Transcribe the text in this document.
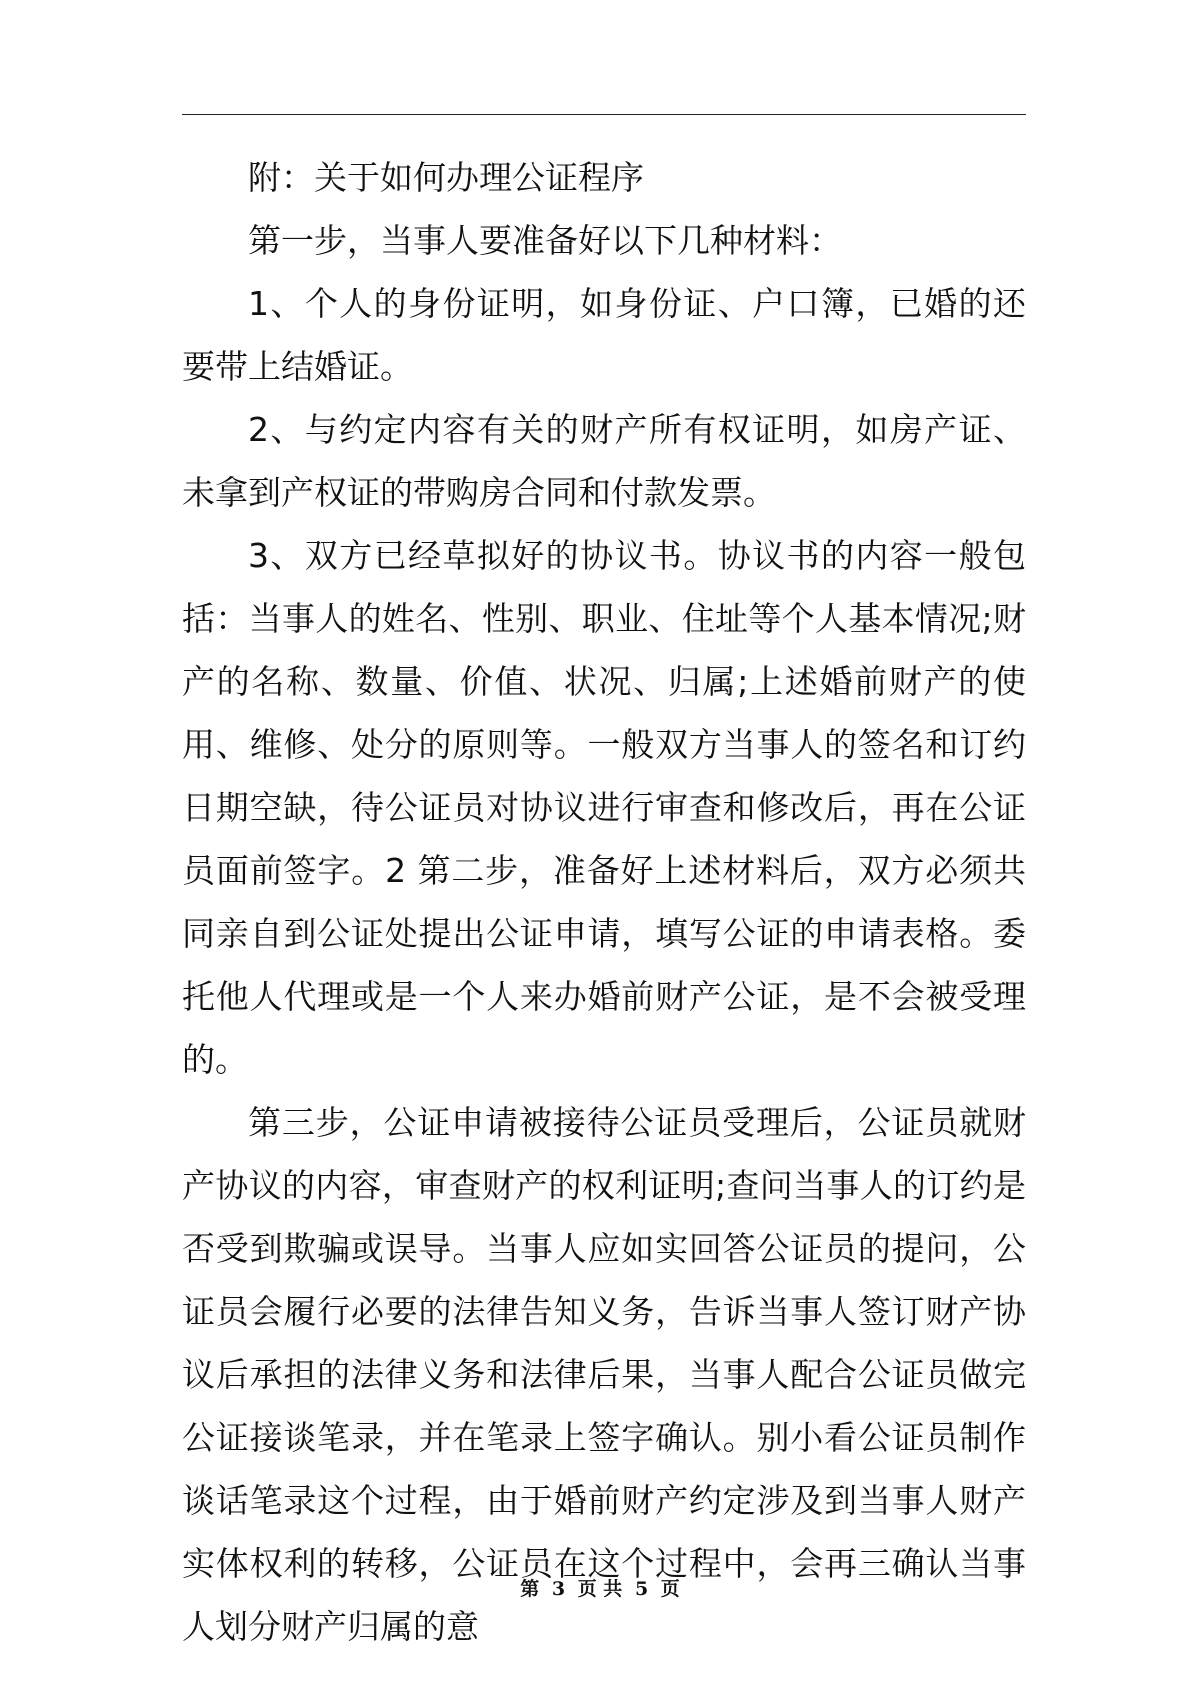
附：关于如何办理公证程序

第一步，当事人要准备好以下几种材料：

1、个人的身份证明，如身份证、户口簿，已婚的还要带上结婚证。

2、与约定内容有关的财产所有权证明，如房产证、未拿到产权证的带购房合同和付款发票。

3、双方已经草拟好的协议书。协议书的内容一般包括：当事人的姓名、性别、职业、住址等个人基本情况;财产的名称、数量、价值、状况、归属;上述婚前财产的使用、维修、处分的原则等。一般双方当事人的签名和订约日期空缺，待公证员对协议进行审查和修改后，再在公证员面前签字。2 第二步，准备好上述材料后，双方必须共同亲自到公证处提出公证申请，填写公证的申请表格。委托他人代理或是一个人来办婚前财产公证，是不会被受理的。

第三步，公证申请被接待公证员受理后，公证员就财产协议的内容，审查财产的权利证明;查问当事人的订约是否受到欺骗或误导。当事人应如实回答公证员的提问，公证员会履行必要的法律告知义务，告诉当事人签订财产协议后承担的法律义务和法律后果，当事人配合公证员做完公证接谈笔录，并在笔录上签字确认。别小看公证员制作谈话笔录这个过程，由于婚前财产约定涉及到当事人财产实体权利的转移，公证员在这个过程中，会再三确认当事人划分财产归属的意

第 3 页 共 5 页
